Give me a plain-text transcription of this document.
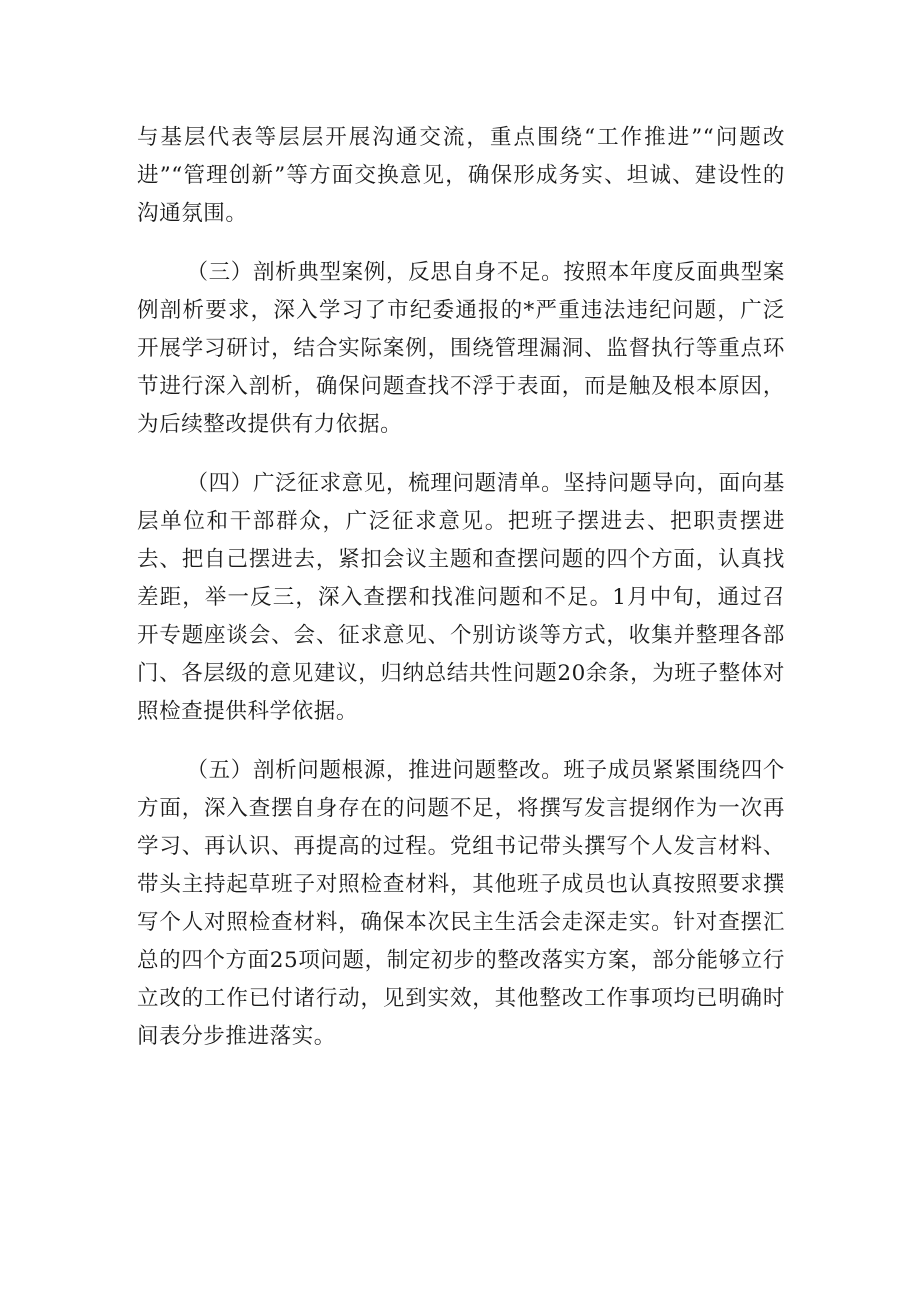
与基层代表等层层开展沟通交流，重点围绕“工作推进”“问题改进”“管理创新”等方面交换意见，确保形成务实、坦诚、建设性的沟通氛围。

（三）剖析典型案例，反思自身不足。按照本年度反面典型案例剖析要求，深入学习了市纪委通报的*严重违法违纪问题，广泛开展学习研讨，结合实际案例，围绕管理漏洞、监督执行等重点环节进行深入剖析，确保问题查找不浮于表面，而是触及根本原因，为后续整改提供有力依据。

（四）广泛征求意见，梳理问题清单。坚持问题导向，面向基层单位和干部群众，广泛征求意见。把班子摆进去、把职责摆进去、把自己摆进去，紧扣会议主题和查摆问题的四个方面，认真找差距，举一反三，深入查摆和找准问题和不足。1月中旬，通过召开专题座谈会、会、征求意见、个别访谈等方式，收集并整理各部门、各层级的意见建议，归纳总结共性问题20余条，为班子整体对照检查提供科学依据。

（五）剖析问题根源，推进问题整改。班子成员紧紧围绕四个方面，深入查摆自身存在的问题不足，将撰写发言提纲作为一次再学习、再认识、再提高的过程。党组书记带头撰写个人发言材料、带头主持起草班子对照检查材料，其他班子成员也认真按照要求撰写个人对照检查材料，确保本次民主生活会走深走实。针对查摆汇总的四个方面25项问题，制定初步的整改落实方案，部分能够立行立改的工作已付诸行动，见到实效，其他整改工作事项均已明确时间表分步推进落实。
